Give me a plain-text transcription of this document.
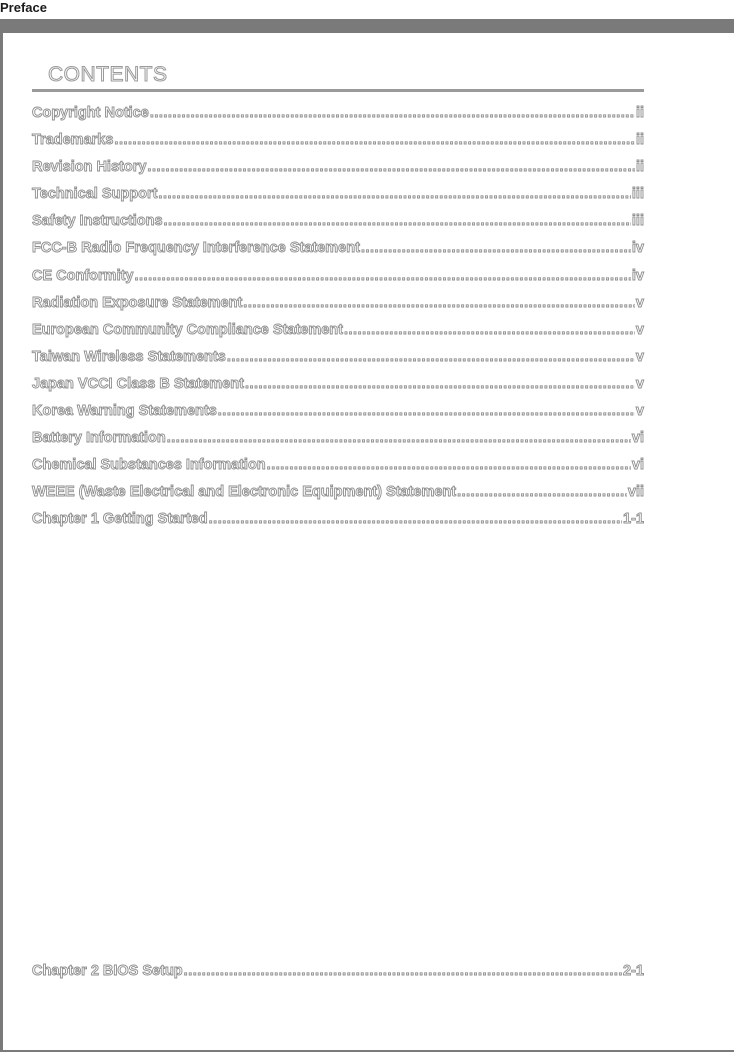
Preface
CONTENTS
Copyright Notice .....	ii
Trademarks .....	ii
Revision History .....	ii
Technical Support .....	iii
Safety Instructions .....	iii
FCC-B Radio Frequency Interference Statement .....	iv
CE Conformity .....	iv
Radiation Exposure Statement .....	v
European Community Compliance Statement .....	v
Taiwan Wireless Statements .....	v
Japan VCCI Class B Statement .....	v
Korea Warning Statements .....	v
Battery Information .....	vi
Chemical Substances Information .....	vi
WEEE (Waste Electrical and Electronic Equipment) Statement .....	vii
Chapter 1 Getting Started .....	1-1
Chapter 2 BIOS Setup .....	2-1
